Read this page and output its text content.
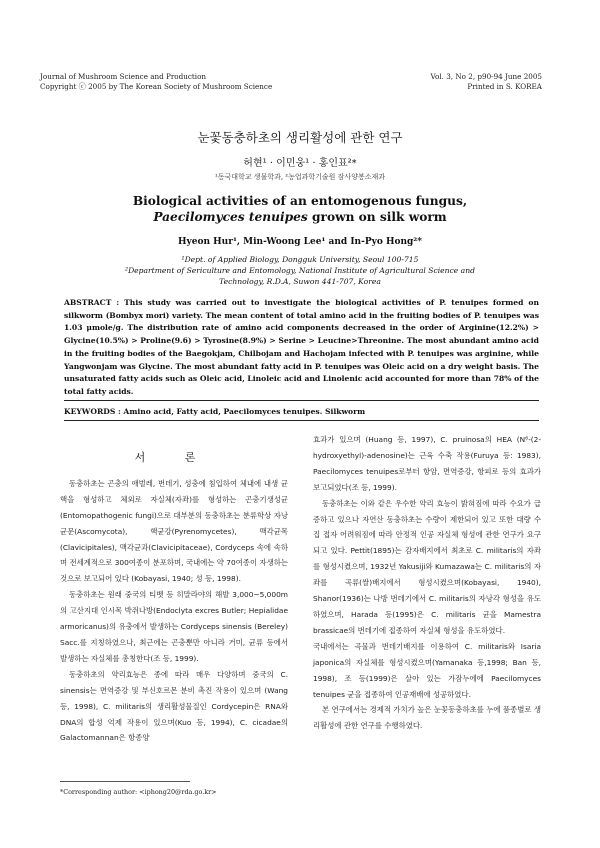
Journal of Mushroom Science and Production
Copyright ⓒ 2005 by The Korean Society of Mushroom Science
Vol. 3, No 2, p90-94 June 2005
Printed in S. KOREA
눈꽃동충하초의 생리활성에 관한 연구
허현¹ · 이민웅¹ · 홍인표²*
¹동국대학교 생물학과, ²농업과학기술원 잠사양봉소재과
Biological activities of an entomogenous fungus,
Paecilomyces tenuipes grown on silk worm
Hyeon Hur¹, Min-Woong Lee¹ and In-Pyo Hong²*
¹Dept. of Applied Biology, Dongguk University, Seoul 100-715
²Department of Sericulture and Entomology, National Institute of Agricultural Science and
Technology, R.D.A, Suwon 441-707, Korea
ABSTRACT : This study was carried out to investigate the biological activities of P. tenuipes formed on silkworm (Bombyx mori) variety. The mean content of total amino acid in the fruiting bodies of P. tenuipes was 1.03 μmole/g. The distribution rate of amino acid components decreased in the order of Arginine(12.2%) > Glycine(10.5%) > Proline(9.6) > Tyrosine(8.9%) > Serine > Leucine>Threonine. The most abundant amino acid in the fruiting bodies of the Baegokjam, Chilbojam and Hachojam infected with P. tenuipes was arginine, while Yangwonjam was Glycine. The most abundant fatty acid in P. tenuipes was Oleic acid on a dry weight basis. The unsaturated fatty acids such as Oleic acid, Linoleic acid and Linolenic acid accounted for more than 78% of the total fatty acids.
KEYWORDS : Amino acid, Fatty acid, Paecilomyces tenuipes. Silkworm
서 론

동충하초는 곤충의 애벌레, 번데기, 성충에 침입하여 체내에 내생 균핵을 형성하고 체외로 자실체(자좌)를 형성하는 곤충기생성균(Entomopathogenic fungi)으로 대부분의 동충하초는 분류학상 자낭균문(Ascomycota), 핵균강(Pyrenomycetes), 맥각균목 (Clavicipitales), 맥각균과(Clavicipitaceae), Cordyceps 속에 속하며 전세계적으로 300여종이 분포하며, 국내에는 약 70여종이 자생하는 것으로 보고되어 있다 (Kobayasi, 1940; 성 등, 1998).

동충하초는 원래 중국의 티벳 등 히말라야의 해발 3,000~5,000m의 고산지대 인시목 박쥐나방(Endoclyta excres Butler; Hepialidae armoricanus)의 유충에서 발생하는 Cordyceps sinensis (Bereley) Sacc.를 지칭하였으나, 최근에는 곤충뿐만 아니라 거미, 균류 등에서 발생하는 자실체를 총칭한다(조 등, 1999).

동충하초의 약리효능은 종에 따라 매우 다양하며 중국의 C. sinensis는 면역증강 및 부신호르몬 분비 촉진 작용이 있으며 (Wang 등, 1998), C. militaris의 생리활성물질인 Cordycepin은 RNA와 DNA의 합성 억제 작용이 있으며(Kuo 등, 1994), C. cicadae의 Galactomannan은 항종양

효과가 있으며 (Huang 등, 1997), C. pruinosa의 HEA (N⁶-(2-hydroxyethyl)-adenosine)는 근육 수축 작용(Furuya 등: 1983), Paecilomyces tenuipes로부터 항암, 면역증강, 항피로 등의 효과가 보고되었다(조 등, 1999).

동충하초는 이와 같은 우수한 약리 효능이 밝혀짐에 따라 수요가 급증하고 있으나 자연산 동충하초는 수량이 제한되어 있고 또한 대량 수집 접자 어려워짐에 따라 안정적 인공 자실체 형성에 관한 연구가 요구되고 있다. Pettit(1895)는 감자배지에서 최초로 C. militaris의 자좌를 형성시켰으며, 1932년 Yakusiji와 Kumazawa는 C. militaris의 자좌를 곡류(쌀)배지에서 형성시켰으며(Kobayasi, 1940), Shanor(1936)는 나방 번데기에서 C. militaris의 자낭각 형성을 유도하였으며, Harada 등(1995)은 C. militaris 균을 Mamestra brassicae의 번데기에 접종하여 자실체 형성을 유도하였다.

국내에서는 곡물과 번데기배지를 이용하여 C. militaris와 Isaria japonica의 자실체를 형성시켰으며(Yamanaka 등,1998; Ban 등, 1998), 조 등(1999)은 살아 있는 가잠누에에 Paecilomyces tenuipes 균을 접종하여 인공재배에 성공하였다.

본 연구에서는 경제적 가치가 높은 눈꽃동충하초를 누에 품종별로 생리활성에 관한 연구를 수행하였다.

*Corresponding author: <iphong20@rda.go.kr>
